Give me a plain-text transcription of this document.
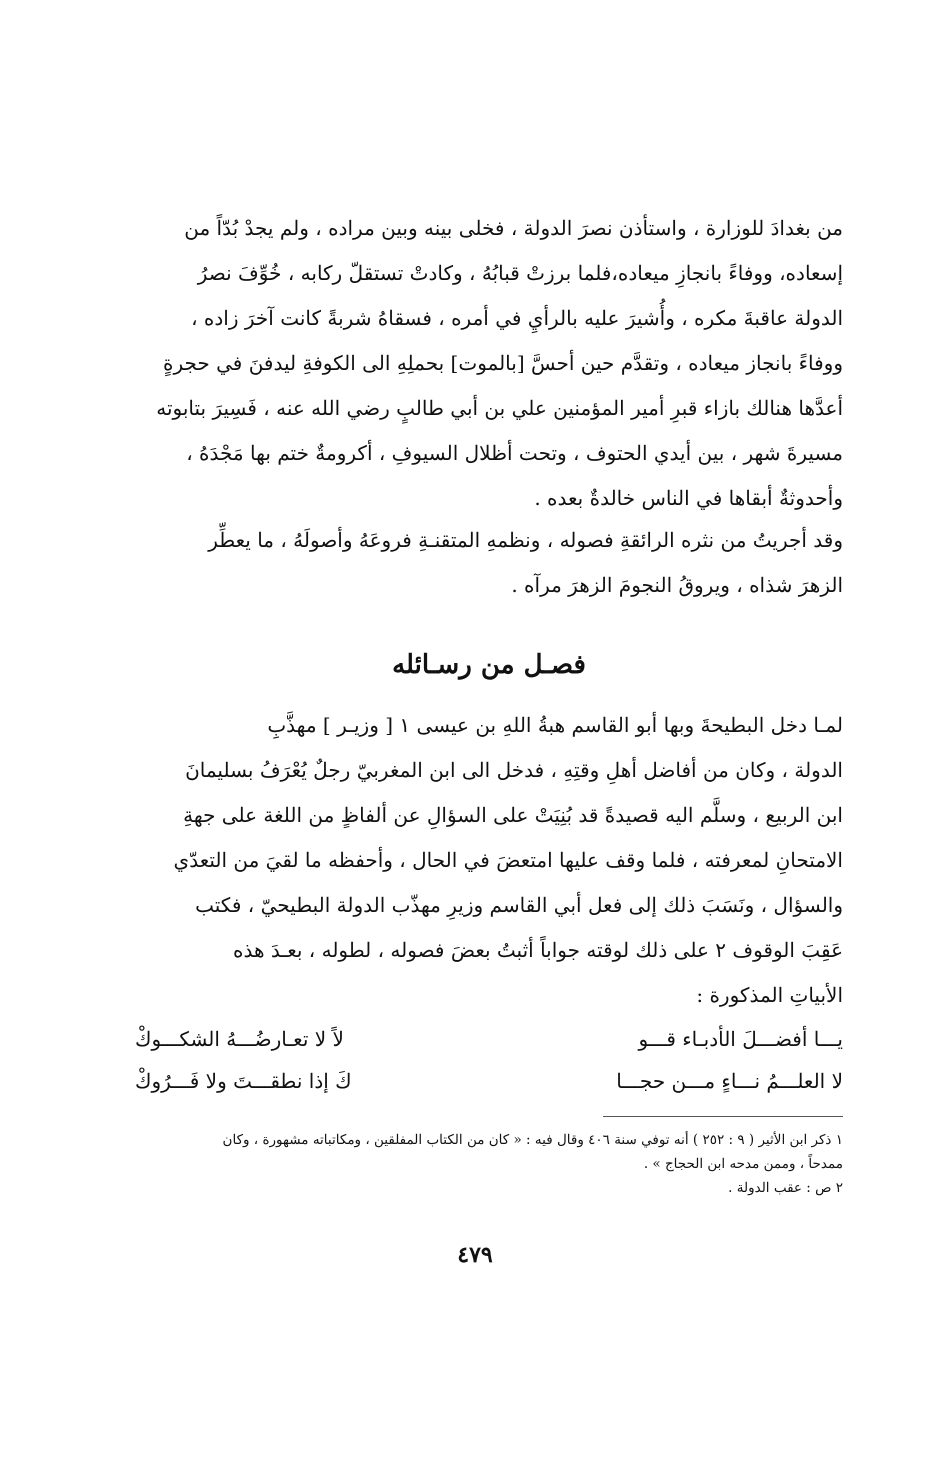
من بغدادَ للوزارة ، واستأذن نصرَ الدولة ، فخلى بينه وبين مراده ، ولم يجدْ بُدّاً من
إسعاده، ووفاءً بانجازِ ميعاده،فلما برزتْ قبابُهُ ، وكادتْ تستقلّ ركابه ، خُوِّفَ نصرُ
الدولة عاقبةَ مكره ، وأُشيرَ عليه بالرأيِ في أمره ، فسقاهُ شربةً كانت آخرَ زاده ،
ووفاءً بانجاز ميعاده ، وتقدَّم حين أحسَّ [بالموت] بحملِهِ الى الكوفةِ ليدفنَ في حجرةٍ
أعدَّها هنالك بازاء قبرِ أمير المؤمنين علي بن أبي طالبٍ رضي الله عنه ، فَسِيرَ بتابوته
مسيرةَ شهر ، بين أيدي الحتوف ، وتحت أظلال السيوفِ ، أكرومةٌ ختم بها مَجْدَهُ ،
وأحدوثةٌ أبقاها في الناس خالدةٌ بعده .
وقد أجريتُ من نثره الرائقةِ فصوله ، ونظمهِ المتقنـةِ فروعَهُ وأصولَهُ ، ما يعطِّر
الزهرَ شذاه ، ويروقُ النجومَ الزهرَ مرآه .
فصـل من رسـائله
لمـا دخل البطيحةَ وبها أبو القاسم هبةُ اللهِ بن عيسى ١ [ وزيـر ] مهذَّبِ
الدولة ، وكان من أفاضل أهلِ وقتِهِ ، فدخل الى ابن المغربيّ رجلٌ يُعْرَفُ بسليمانَ
ابن الربيع ، وسلَّم اليه قصيدةً قد بُنِيَتْ على السؤالِ عن ألفاظٍ من اللغة على جهةِ
الامتحانِ لمعرفته ، فلما وقف عليها امتعضَ في الحال ، وأحفظه ما لقيَ من التعدّي
والسؤال ، ونَسَبَ ذلك إلى فعل أبي القاسم وزيرِ مهذّب الدولة البطيحيّ ، فكتب
عَقِبَ الوقوف ٢ على ذلك لوقته جواباً أثبتُ بعضَ فصوله ، لطوله ، بعـدَ هذه
الأبياتِ المذكورة :
يـــا أفضـــلَ الأدبـاء قـــو
لاً لا تعـارضُـــهُ الشكـــوكْ
لا العلـــمُ نـــاءٍ مـــن حجـــا
كَ إذا نطقـــتَ ولا فَـــرُوكْ
١ ذكر ابن الأثير ( ٩ : ٢٥٢ ) أنه توفي سنة ٤٠٦ وقال فيه : « كان من الكتاب المفلقين ، ومكاتباته مشهورة ، وكان
ممدحاً ، وممن مدحه ابن الحجاج » .
٢ ص : عقب الدولة .
٤٧٩
